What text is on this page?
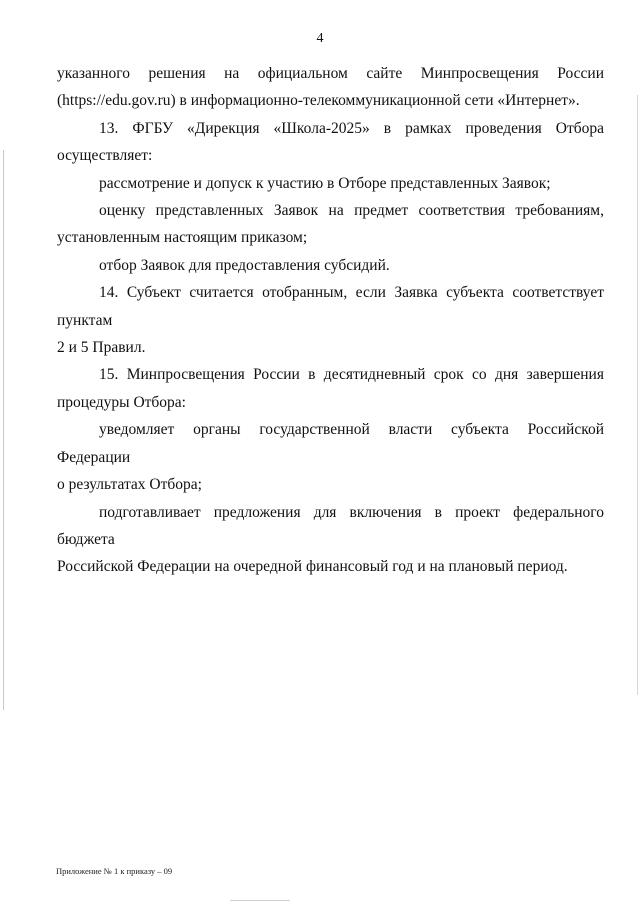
4

указанного решения на официальном сайте Минпросвещения России

(https://edu.gov.ru) в информационно-телекоммуникационной сети «Интернет».

13. ФГБУ «Дирекция «Школа-2025» в рамках проведения Отбора

осуществляет:

рассмотрение и допуск к участию в Отборе представленных Заявок;

оценку представленных Заявок на предмет соответствия требованиям,

установленным настоящим приказом;

отбор Заявок для предоставления субсидий.

14. Субъект считается отобранным, если Заявка субъекта соответствует пунктам

2 и 5 Правил.

15. Минпросвещения России в десятидневный срок со дня завершения

процедуры Отбора:

уведомляет органы государственной власти субъекта Российской Федерации

о результатах Отбора;

подготавливает предложения для включения в проект федерального бюджета

Российской Федерации на очередной финансовый год и на плановый период.

Приложение № 1 к приказу – 09
